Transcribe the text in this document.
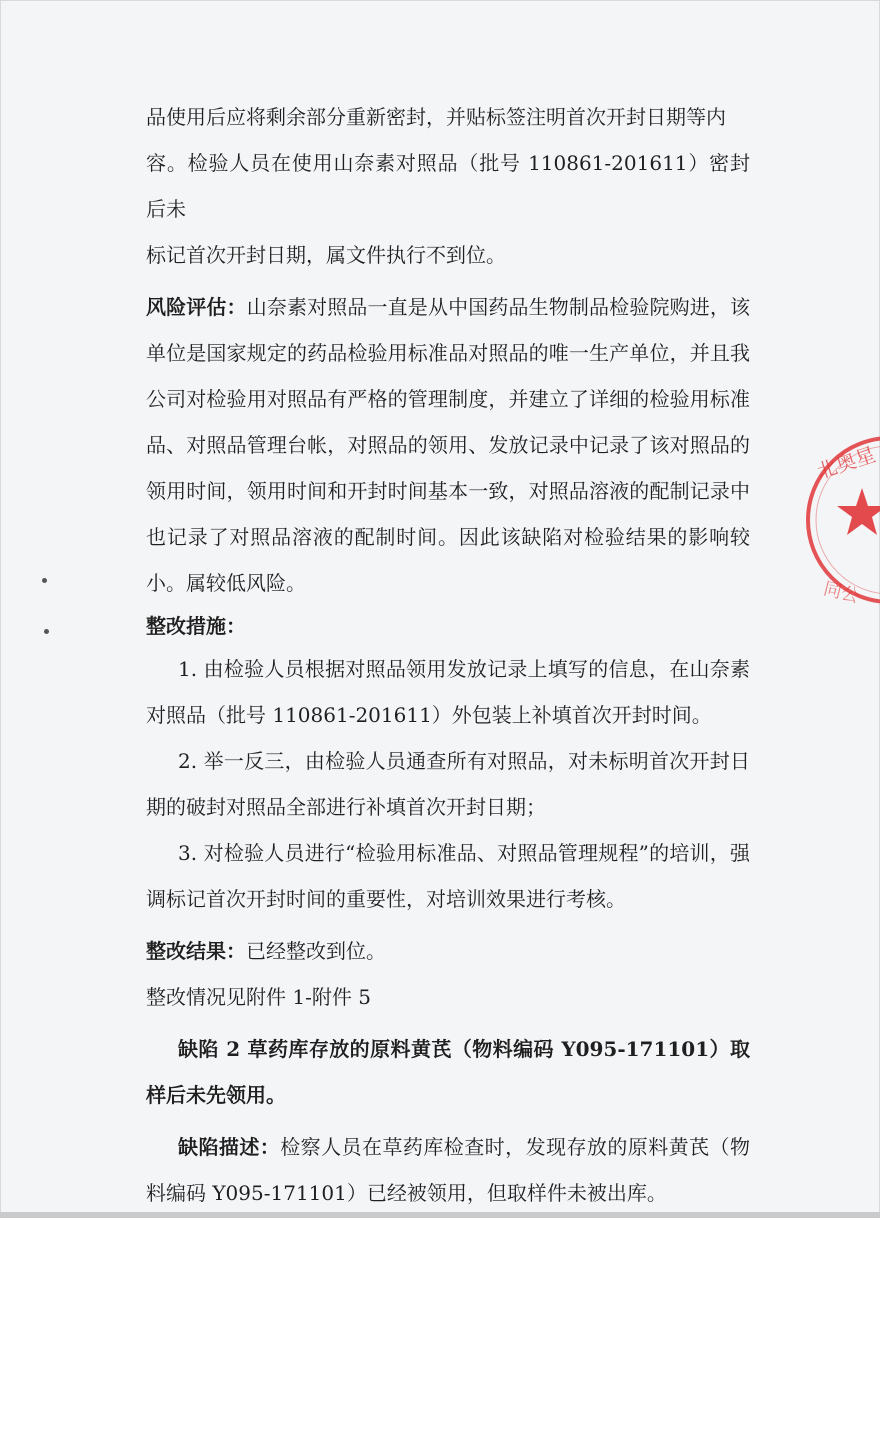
品使用后应将剩余部分重新密封，并贴标签注明首次开封日期等内

容。检验人员在使用山奈素对照品（批号 110861-201611）密封后未

标记首次开封日期，属文件执行不到位。

风险评估：山奈素对照品一直是从中国药品生物制品检验院购进，该单位是国家规定的药品检验用标准品对照品的唯一生产单位，并且我公司对检验用对照品有严格的管理制度，并建立了详细的检验用标准品、对照品管理台帐，对照品的领用、发放记录中记录了该对照品的领用时间，领用时间和开封时间基本一致，对照品溶液的配制记录中也记录了对照品溶液的配制时间。因此该缺陷对检验结果的影响较小。属较低风险。

整改措施：

1. 由检验人员根据对照品领用发放记录上填写的信息，在山奈素对照品（批号 110861-201611）外包装上补填首次开封时间。

2. 举一反三，由检验人员通查所有对照品，对未标明首次开封日期的破封对照品全部进行补填首次开封日期；

3. 对检验人员进行“检验用标准品、对照品管理规程”的培训，强调标记首次开封时间的重要性，对培训效果进行考核。

整改结果：已经整改到位。

整改情况见附件 1-附件 5

缺陷 2 草药库存放的原料黄芪（物料编码 Y095-171101）取样后未先领用。

缺陷描述：检察人员在草药库检查时，发现存放的原料黄芪（物料编码 Y095-171101）已经被领用，但取样件未被出库。

北奥星
同公
